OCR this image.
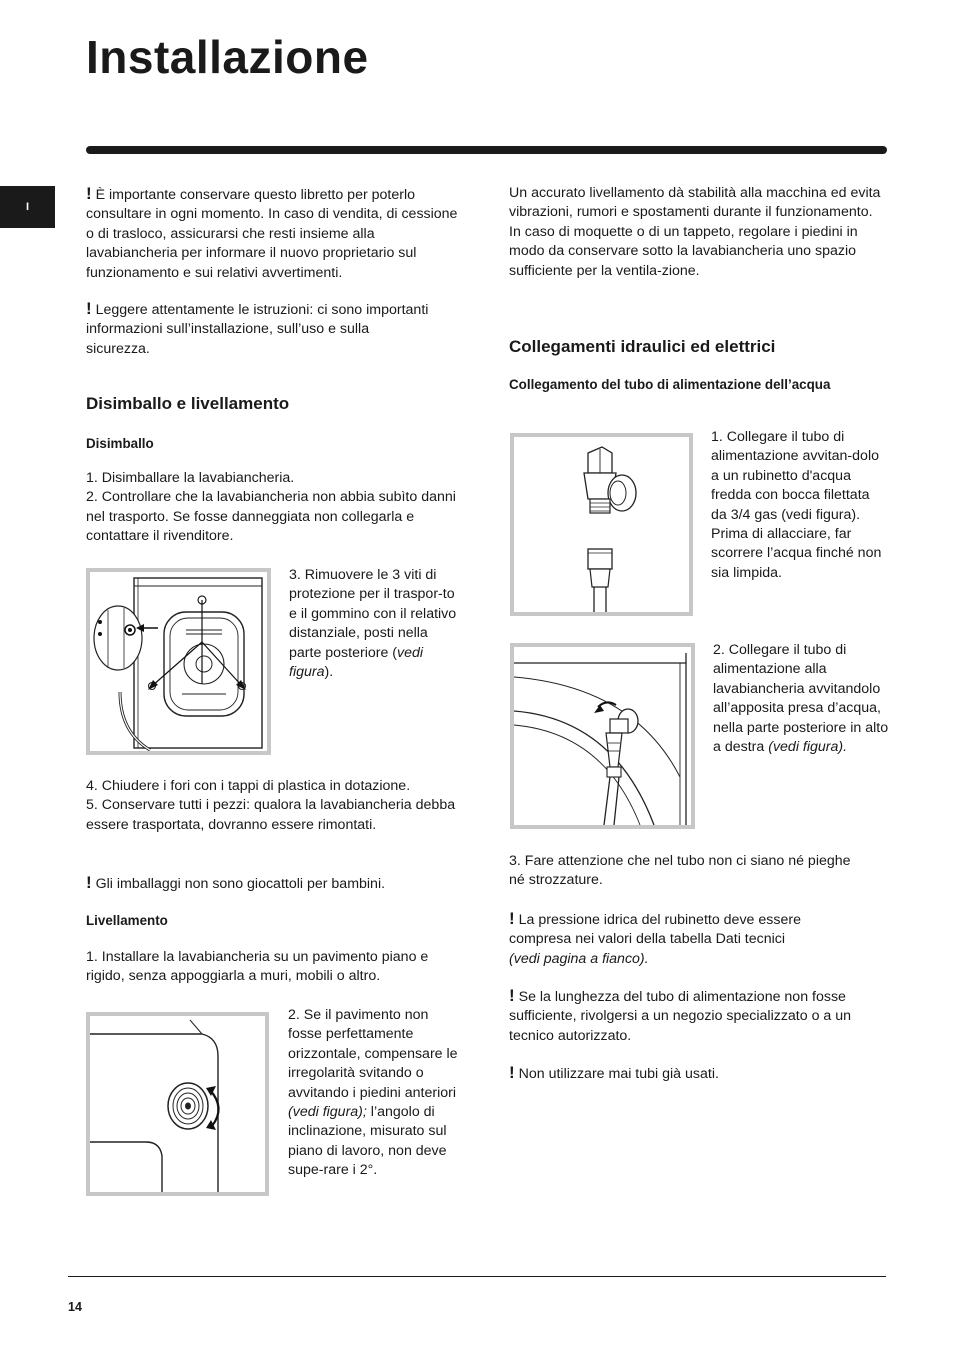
Installazione
I

! È importante conservare questo libretto per poterlo consultare in ogni momento. In caso di vendita, di cessione o di trasloco, assicurarsi che resti insieme alla lavabiancheria per informare il nuovo proprietario sul funzionamento e sui relativi avvertimenti.

! Leggere attentamente le istruzioni: ci sono importanti informazioni sull’installazione, sull’uso e sulla sicurezza.

Disimballo e livellamento
Disimballo

1. Disimballare la lavabiancheria.

2. Controllare che la lavabiancheria non abbia subìto danni nel trasporto. Se fosse danneggiata non collegarla e contattare il rivenditore.

3. Rimuovere le 3 viti di protezione per il traspor-to e il gommino con il relativo distanziale, posti nella parte posteriore (vedi figura).

4. Chiudere i fori con i tappi di plastica in dotazione.

5. Conservare tutti i pezzi: qualora la lavabiancheria debba essere trasportata, dovranno essere rimontati.

! Gli imballaggi non sono giocattoli per bambini.

Livellamento
1. Installare la lavabiancheria su un pavimento piano e rigido, senza appoggiarla a muri, mobili o altro.

2. Se il pavimento non fosse perfettamente orizzontale, compensare le irregolarità svitando o avvitando i piedini anteriori (vedi figura); l’angolo di inclinazione, misurato sul piano di lavoro, non deve supe-rare i 2°.

Un accurato livellamento dà stabilità alla macchina ed evita vibrazioni, rumori e spostamenti durante il funzionamento. In caso di moquette o di un tappeto, regolare i piedini in modo da conservare sotto la lavabiancheria uno spazio sufficiente per la ventila-zione.
Collegamenti idraulici ed elettrici
Collegamento del tubo di alimentazione dell’acqua

1. Collegare il tubo di alimentazione avvitan-dolo a un rubinetto d'acqua fredda con bocca filettata da 3/4 gas (vedi figura).

Prima di allacciare, far scorrere l’acqua finché non sia limpida.

2. Collegare il tubo di alimentazione alla lavabiancheria avvitandolo all’apposita presa d’acqua, nella parte posteriore in alto a destra (vedi figura).

3. Fare attenzione che nel tubo non ci siano né pieghe né strozzature.

! La pressione idrica del rubinetto deve essere compresa nei valori della tabella Dati tecnici

(vedi pagina a fianco).

! Se la lunghezza del tubo di alimentazione non fosse sufficiente, rivolgersi a un negozio specializzato o a un tecnico autorizzato.

! Non utilizzare mai tubi già usati.

14
